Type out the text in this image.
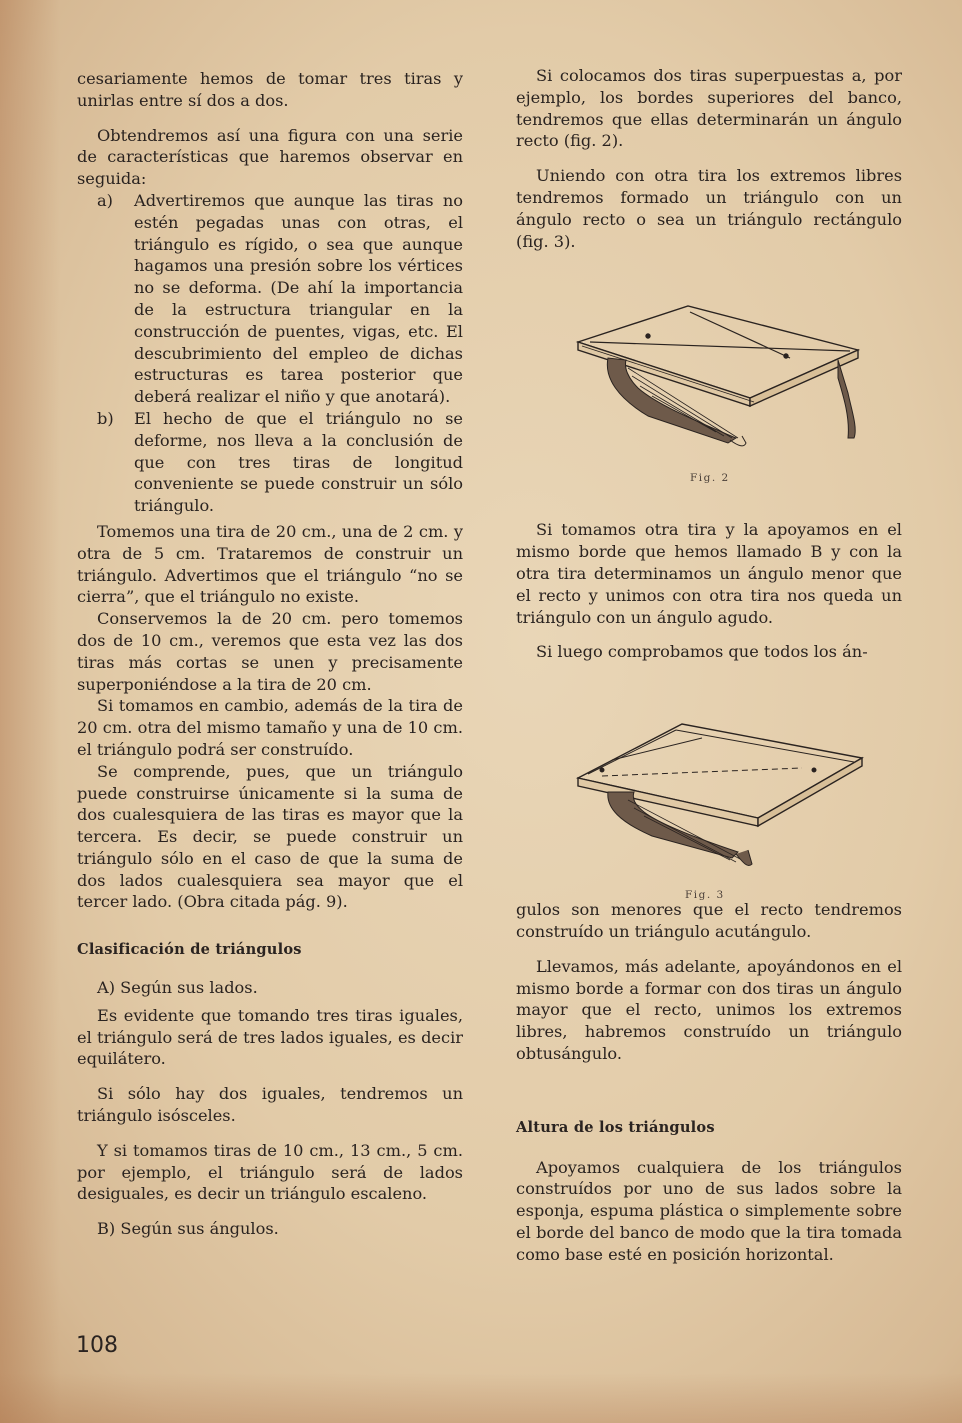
cesariamente hemos de tomar tres tiras y unirlas entre sí dos a dos.

Obtendremos así una figura con una serie de características que haremos observar en seguida:

a)	Advertiremos que aunque las tiras no estén pegadas unas con otras, el triángulo es rígido, o sea que aunque hagamos una presión sobre los vértices no se deforma. (De ahí la importancia de la estructura triangular en la construcción de puentes, vigas, etc. El descubrimiento del empleo de dichas estructuras es tarea posterior que deberá realizar el niño y que anotará).
b)	El hecho de que el triángulo no se deforme, nos lleva a la conclusión de que con tres tiras de longitud conveniente se puede construir un sólo triángulo.

Tomemos una tira de 20 cm., una de 2 cm. y otra de 5 cm. Trataremos de construir un triángulo. Advertimos que el triángulo “no se cierra”, que el triángulo no existe.

Conservemos la de 20 cm. pero tomemos dos de 10 cm., veremos que esta vez las dos tiras más cortas se unen y precisamente superponiéndose a la tira de 20 cm.

Si tomamos en cambio, además de la tira de 20 cm. otra del mismo tamaño y una de 10 cm. el triángulo podrá ser construído.

Se comprende, pues, que un triángulo puede construirse únicamente si la suma de dos cualesquiera de las tiras es mayor que la tercera. Es decir, se puede construir un triángulo sólo en el caso de que la suma de dos lados cualesquiera sea mayor que el tercer lado. (Obra citada pág. 9).

Clasificación de triángulos

A) Según sus lados.

Es evidente que tomando tres tiras iguales, el triángulo será de tres lados iguales, es decir equilátero.

Si sólo hay dos iguales, tendremos un triángulo isósceles.

Y si tomamos tiras de 10 cm., 13 cm., 5 cm. por ejemplo, el triángulo será de lados desiguales, es decir un triángulo escaleno.

B) Según sus ángulos.

Si colocamos dos tiras superpuestas a, por ejemplo, los bordes superiores del banco, tendremos que ellas determinarán un ángulo recto (fig. 2).

Uniendo con otra tira los extremos libres tendremos formado un triángulo con un ángulo recto o sea un triángulo rectángulo (fig. 3).

Si tomamos otra tira y la apoyamos en el mismo borde que hemos llamado B y con la otra tira determinamos un ángulo menor que el recto y unimos con otra tira nos queda un triángulo con un ángulo agudo.

Si luego comprobamos que todos los án-

gulos son menores que el recto tendremos construído un triángulo acutángulo.

Llevamos, más adelante, apoyándonos en el mismo borde a formar con dos tiras un ángulo mayor que el recto, unimos los extremos libres, habremos construído un triángulo obtusángulo.

Altura de los triángulos

Apoyamos cualquiera de los triángulos construídos por uno de sus lados sobre la esponja, espuma plástica o simplemente sobre el borde del banco de modo que la tira tomada como base esté en posición horizontal.

Fig. 2
Fig. 3
108
